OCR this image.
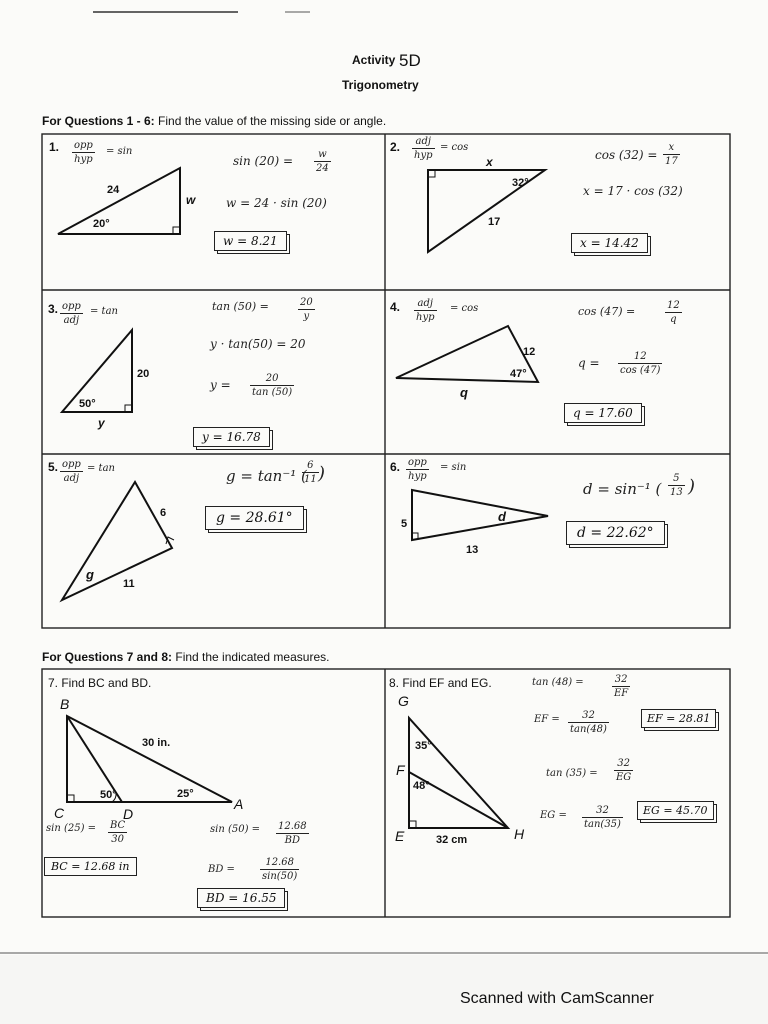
Activity 5D
Trigonometry
For Questions 1 - 6: Find the value of the missing side or angle.
For Questions 7 and 8: Find the indicated measures.
1. opp
hyp
= sin
24
20°
w
$\sin (20) = \frac{w}{24}$
w = 24 · sin (20)
w = 8.21
2.	adj
hyp
= cos
x
32°
17
$\cos (32) = \frac{x}{17}$
x = 17 · cos (32)
x = 14.42
3. opp
adj
= tan
20
50°
y
tan (50) =	$\frac{20}{y}$
y · tan(50) = 20
$y = \frac{20}{\tan (50)}$
y = 16.78
4.	adj
hyp
= cos
12
47°
q
cos (47) =	$\frac{12}{q}$
$q = \frac{12}{\cos (47)}$
q = 17.60
5. opp
adj
= tan
6
11
g
g = tan⁻¹ (
$\frac{6}{11}$ )
g = 28.61°
6. opp
hyp
= sin
5
13
d
d = sin⁻¹ ( $\frac{5}{13}$ )
d = 22.62°
7. Find BC and BD.
B
C	D
A
30 in.
50°	25°
$\sin (25) = \frac{BC}{30}$
BC = 12.68 in
$\sin (50) = \frac{12.68}{BD}$
BD =	$\frac{12.68}{\sin(50)}$
BD = 16.55
8. Find EF and EG.
G
F
E	H
35°
48°
32 cm
tan (48) =	$\frac{32}{EF}$
EF = $\frac{32}{\tan(48)}$	EF = 28.81
$\tan (35) = \frac{32}{EG}$
EG = $\frac{32}{\tan(35)}$	EG = 45.70
Scanned with CamScanner
